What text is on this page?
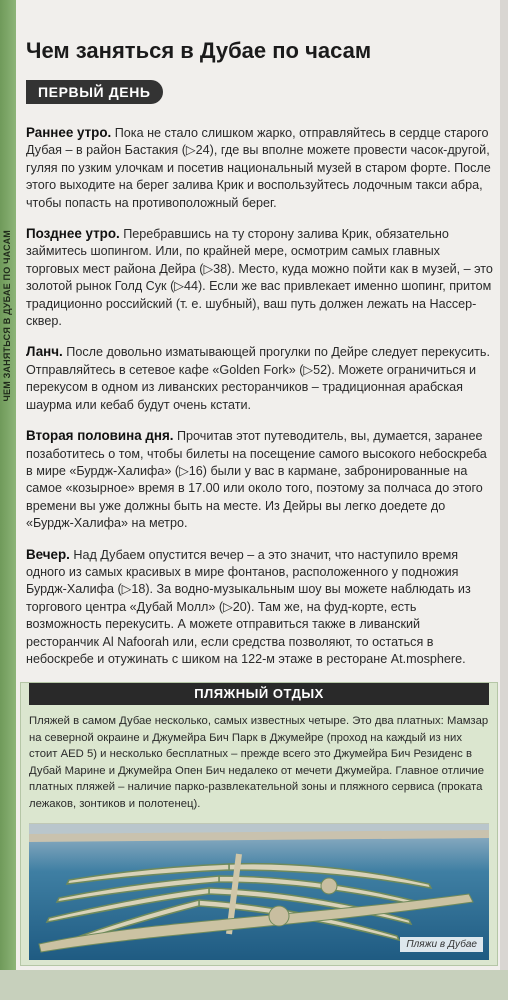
ЧЕМ ЗАНЯТЬСЯ В ДУБАЕ ПО ЧАСАМ
Чем заняться в Дубае по часам
ПЕРВЫЙ ДЕНЬ

Раннее утро. Пока не стало слишком жарко, отправляйтесь в сердце старого Дубая – в район Бастакия (▷24), где вы вполне можете провести часок-другой, гуляя по узким улочкам и посетив национальный музей в старом форте. После этого выходите на берег залива Крик и воспользуйтесь лодочным такси абра, чтобы попасть на противоположный берег.

Позднее утро. Перебравшись на ту сторону залива Крик, обязательно займитесь шопингом. Или, по крайней мере, осмотрим самых главных торговых мест района Дейра (▷38). Место, куда можно пойти как в музей, – это золотой рынок Голд Сук (▷44). Если же вас привлекает именно шопинг, притом традиционно российский (т. е. шубный), ваш путь должен лежать на Нассер-сквер.

Ланч. После довольно изматывающей прогулки по Дейре следует перекусить. Отправляйтесь в сетевое кафе «Golden Fork» (▷52). Можете ограничиться и перекусом в одном из ливанских ресторанчиков – традиционная арабская шаурма или кебаб будут очень кстати.

Вторая половина дня. Прочитав этот путеводитель, вы, думается, заранее позаботитесь о том, чтобы билеты на посещение самого высокого небоскреба в мире «Бурдж-Халифа» (▷16) были у вас в кармане, забронированные на самое «козырное» время в 17.00 или около того, поэтому за полчаса до этого времени вы уже должны быть на месте. Из Дейры вы легко доедете до «Бурдж-Халифа» на метро.

Вечер. Над Дубаем опустится вечер – а это значит, что наступило время одного из самых красивых в мире фонтанов, расположенного у подножия Бурдж-Халифа (▷18). За водно-музыкальным шоу вы можете наблюдать из торгового центра «Дубай Молл» (▷20). Там же, на фуд-корте, есть возможность перекусить. А можете отправиться также в ливанский ресторанчик Al Nafoorah или, если средства позволяют, то остаться в небоскребе и отужинать с шиком на 122-м этаже в ресторане At.mosphere.

ПЛЯЖНЫЙ ОТДЫХ
Пляжей в самом Дубае несколько, самых известных четыре. Это два платных: Мамзар на северной окраине и Джумейра Бич Парк в Джумейре (проход на каждый из них стоит AED 5) и несколько бесплатных – прежде всего это Джумейра Бич Резиденс в Дубай Марине и Джумейра Опен Бич недалеко от мечети Джумейра. Главное отличие платных пляжей – наличие парко-развлекательной зоны и пляжного сервиса (проката лежаков, зонтиков и полотенец).
Пляжи в Дубае
